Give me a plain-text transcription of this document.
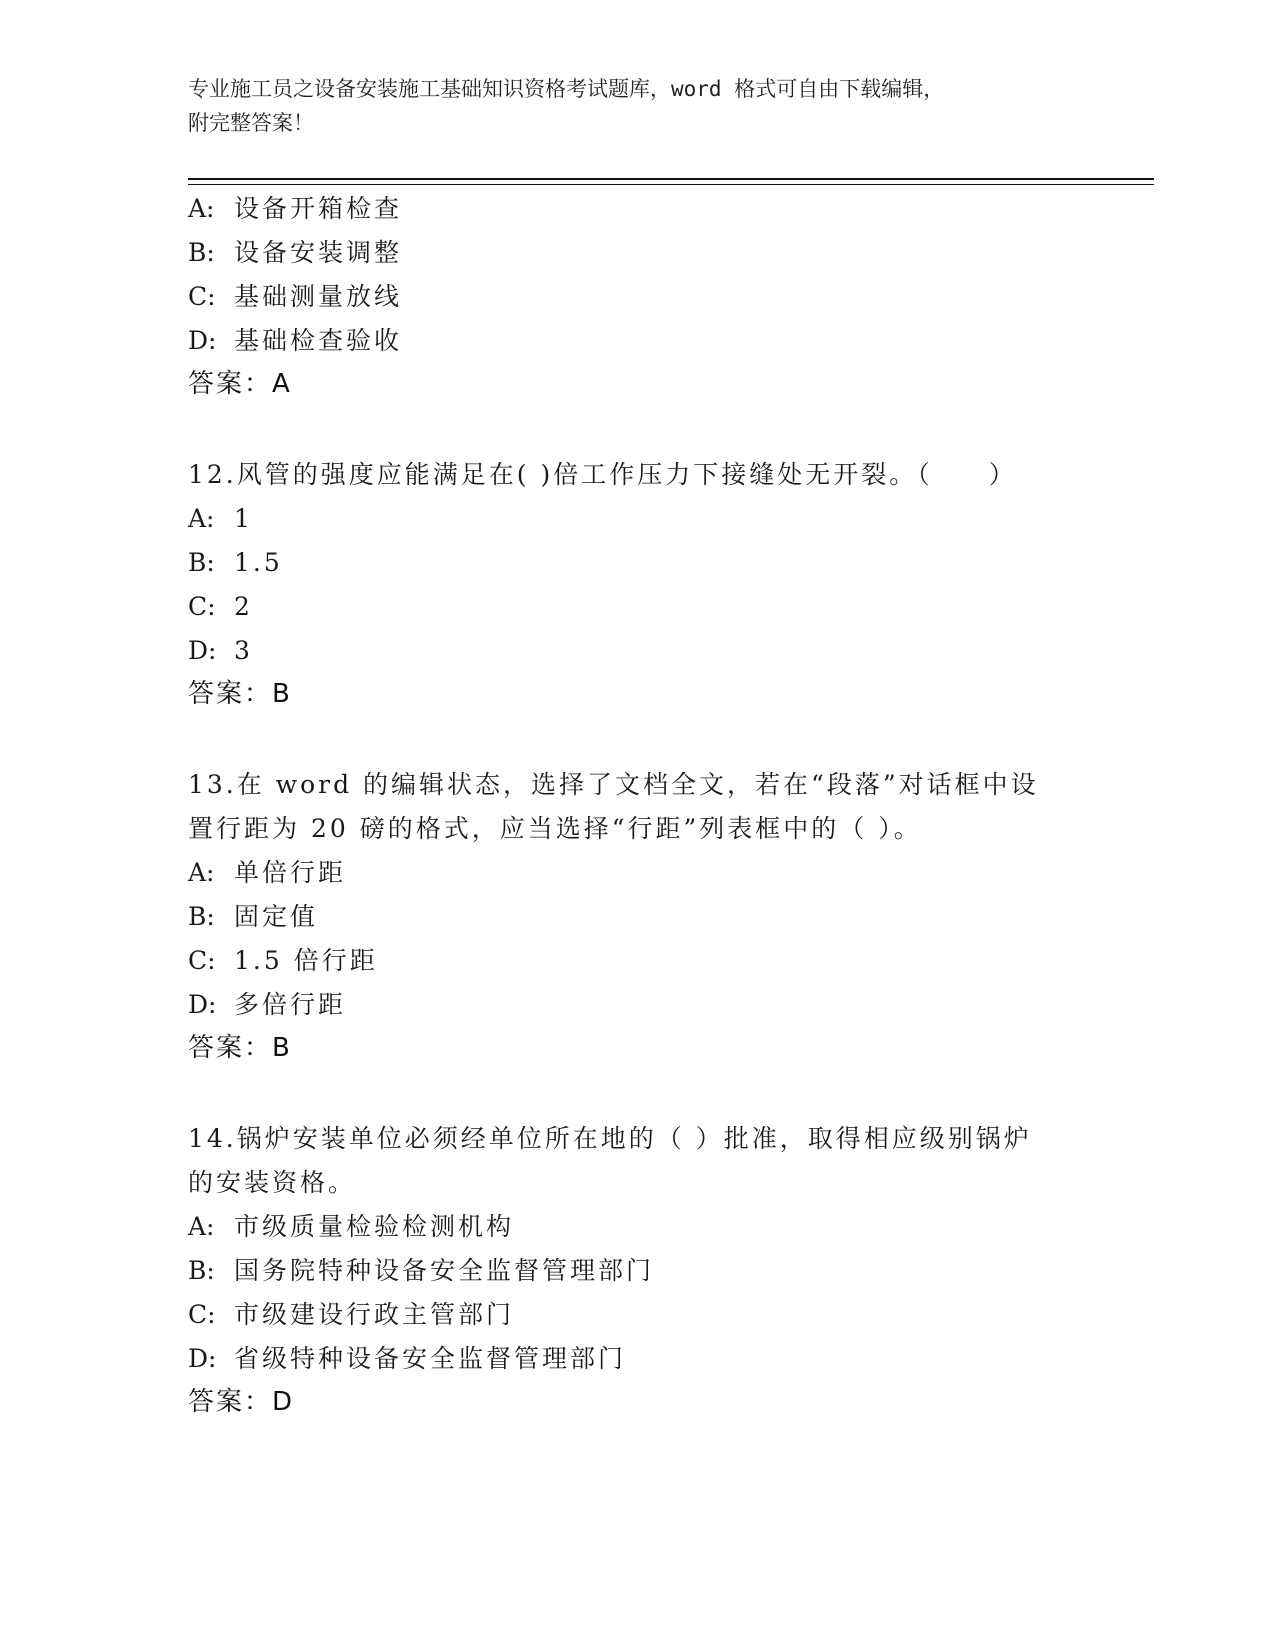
专业施工员之设备安装施工基础知识资格考试题库，word 格式可自由下载编辑，
附完整答案！
A: 设备开箱检查
B: 设备安装调整
C: 基础测量放线
D: 基础检查验收
答案：A
12.风管的强度应能满足在( )倍工作压力下接缝处无开裂。（　　）
A: 1
B: 1.5
C: 2
D: 3
答案：B
13.在 word 的编辑状态，选择了文档全文，若在“段落”对话框中设
置行距为 20 磅的格式，应当选择“行距”列表框中的（ ）。
A: 单倍行距
B: 固定值
C: 1.5 倍行距
D: 多倍行距
答案：B
14.锅炉安装单位必须经单位所在地的（ ）批准，取得相应级别锅炉
的安装资格。
A: 市级质量检验检测机构
B: 国务院特种设备安全监督管理部门
C: 市级建设行政主管部门
D: 省级特种设备安全监督管理部门
答案：D
